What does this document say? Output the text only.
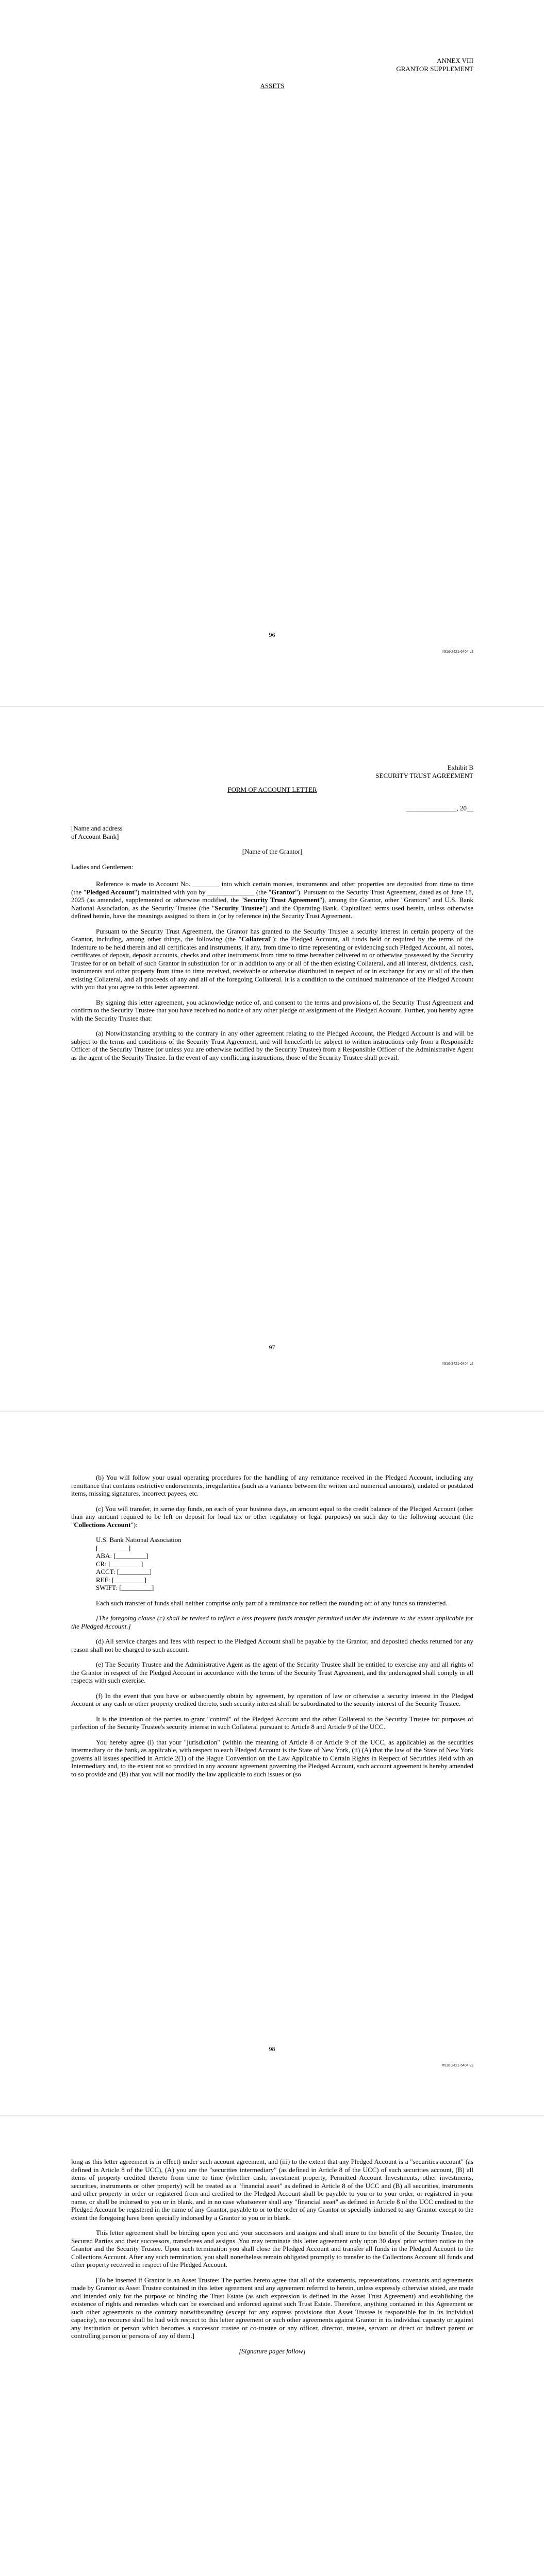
ANNEX VIII

GRANTOR SUPPLEMENT

ASSETS

96
#916-2421-6404 v2

Exhibit B

SECURITY TRUST AGREEMENT

FORM OF ACCOUNT LETTER

_______________, 20__

[Name and address

of Account Bank]

[Name of the Grantor]

Ladies and Gentlemen:

Reference is made to Account No. ________ into which certain monies, instruments and other properties are deposited from time to time (the "Pledged Account") maintained with you by ______________ (the "Grantor"). Pursuant to the Security Trust Agreement, dated as of June 18, 2025 (as amended, supplemented or otherwise modified, the "Security Trust Agreement"), among the Grantor, other "Grantors" and U.S. Bank National Association, as the Security Trustee (the "Security Trustee") and the Operating Bank. Capitalized terms used herein, unless otherwise defined herein, have the meanings assigned to them in (or by reference in) the Security Trust Agreement.

Pursuant to the Security Trust Agreement, the Grantor has granted to the Security Trustee a security interest in certain property of the Grantor, including, among other things, the following (the "Collateral"): the Pledged Account, all funds held or required by the terms of the Indenture to be held therein and all certificates and instruments, if any, from time to time representing or evidencing such Pledged Account, all notes, certificates of deposit, deposit accounts, checks and other instruments from time to time hereafter delivered to or otherwise possessed by the Security Trustee for or on behalf of such Grantor in substitution for or in addition to any or all of the then existing Collateral, and all interest, dividends, cash, instruments and other property from time to time received, receivable or otherwise distributed in respect of or in exchange for any or all of the then existing Collateral, and all proceeds of any and all of the foregoing Collateral. It is a condition to the continued maintenance of the Pledged Account with you that you agree to this letter agreement.

By signing this letter agreement, you acknowledge notice of, and consent to the terms and provisions of, the Security Trust Agreement and confirm to the Security Trustee that you have received no notice of any other pledge or assignment of the Pledged Account. Further, you hereby agree with the Security Trustee that:

(a) Notwithstanding anything to the contrary in any other agreement relating to the Pledged Account, the Pledged Account is and will be subject to the terms and conditions of the Security Trust Agreement, and will henceforth be subject to written instructions only from a Responsible Officer of the Security Trustee (or unless you are otherwise notified by the Security Trustee) from a Responsible Officer of the Administrative Agent as the agent of the Security Trustee. In the event of any conflicting instructions, those of the Security Trustee shall prevail.

97
#916-2421-6404 v2

(b) You will follow your usual operating procedures for the handling of any remittance received in the Pledged Account, including any remittance that contains restrictive endorsements, irregularities (such as a variance between the written and numerical amounts), undated or postdated items, missing signatures, incorrect payees, etc.

(c) You will transfer, in same day funds, on each of your business days, an amount equal to the credit balance of the Pledged Account (other than any amount required to be left on deposit for local tax or other regulatory or legal purposes) on such day to the following account (the "Collections Account"):

U.S. Bank National Association

[_________]

ABA: [_________]

CR: [_________]

ACCT: [_________]

REF: [_________]

SWIFT: [_________]

Each such transfer of funds shall neither comprise only part of a remittance nor reflect the rounding off of any funds so transferred.

[The foregoing clause (c) shall be revised to reflect a less frequent funds transfer permitted under the Indenture to the extent applicable for the Pledged Account.]

(d) All service charges and fees with respect to the Pledged Account shall be payable by the Grantor, and deposited checks returned for any reason shall not be charged to such account.

(e) The Security Trustee and the Administrative Agent as the agent of the Security Trustee shall be entitled to exercise any and all rights of the Grantor in respect of the Pledged Account in accordance with the terms of the Security Trust Agreement, and the undersigned shall comply in all respects with such exercise.

(f) In the event that you have or subsequently obtain by agreement, by operation of law or otherwise a security interest in the Pledged Account or any cash or other property credited thereto, such security interest shall be subordinated to the security interest of the Security Trustee.

It is the intention of the parties to grant "control" of the Pledged Account and the other Collateral to the Security Trustee for purposes of perfection of the Security Trustee's security interest in such Collateral pursuant to Article 8 and Article 9 of the UCC.

You hereby agree (i) that your "jurisdiction" (within the meaning of Article 8 or Article 9 of the UCC, as applicable) as the securities intermediary or the bank, as applicable, with respect to each Pledged Account is the State of New York, (ii) (A) that the law of the State of New York governs all issues specified in Article 2(1) of the Hague Convention on the Law Applicable to Certain Rights in Respect of Securities Held with an Intermediary and, to the extent not so provided in any account agreement governing the Pledged Account, such account agreement is hereby amended to so provide and (B) that you will not modify the law applicable to such issues or (so

98
#916-2421-6404 v2

long as this letter agreement is in effect) under such account agreement, and (iii) to the extent that any Pledged Account is a "securities account" (as defined in Article 8 of the UCC), (A) you are the "securities intermediary" (as defined in Article 8 of the UCC) of such securities account, (B) all items of property credited thereto from time to time (whether cash, investment property, Permitted Account Investments, other investments, securities, instruments or other property) will be treated as a "financial asset" as defined in Article 8 of the UCC and (B) all securities, instruments and other property in order or registered from and credited to the Pledged Account shall be payable to you or to your order, or registered in your name, or shall be indorsed to you or in blank, and in no case whatsoever shall any "financial asset" as defined in Article 8 of the UCC credited to the Pledged Account be registered in the name of any Grantor, payable to or to the order of any Grantor or specially indorsed to any Grantor except to the extent the foregoing have been specially indorsed by a Grantor to you or in blank.

This letter agreement shall be binding upon you and your successors and assigns and shall inure to the benefit of the Security Trustee, the Secured Parties and their successors, transferees and assigns. You may terminate this letter agreement only upon 30 days' prior written notice to the Grantor and the Security Trustee. Upon such termination you shall close the Pledged Account and transfer all funds in the Pledged Account to the Collections Account. After any such termination, you shall nonetheless remain obligated promptly to transfer to the Collections Account all funds and other property received in respect of the Pledged Account.

[To be inserted if Grantor is an Asset Trustee: The parties hereto agree that all of the statements, representations, covenants and agreements made by Grantor as Asset Trustee contained in this letter agreement and any agreement referred to herein, unless expressly otherwise stated, are made and intended only for the purpose of binding the Trust Estate (as such expression is defined in the Asset Trust Agreement) and establishing the existence of rights and remedies which can be exercised and enforced against such Trust Estate. Therefore, anything contained in this Agreement or such other agreements to the contrary notwithstanding (except for any express provisions that Asset Trustee is responsible for in its individual capacity), no recourse shall be had with respect to this letter agreement or such other agreements against Grantor in its individual capacity or against any institution or person which becomes a successor trustee or co-trustee or any officer, director, trustee, servant or direct or indirect parent or controlling person or persons of any of them.]

[Signature pages follow]
